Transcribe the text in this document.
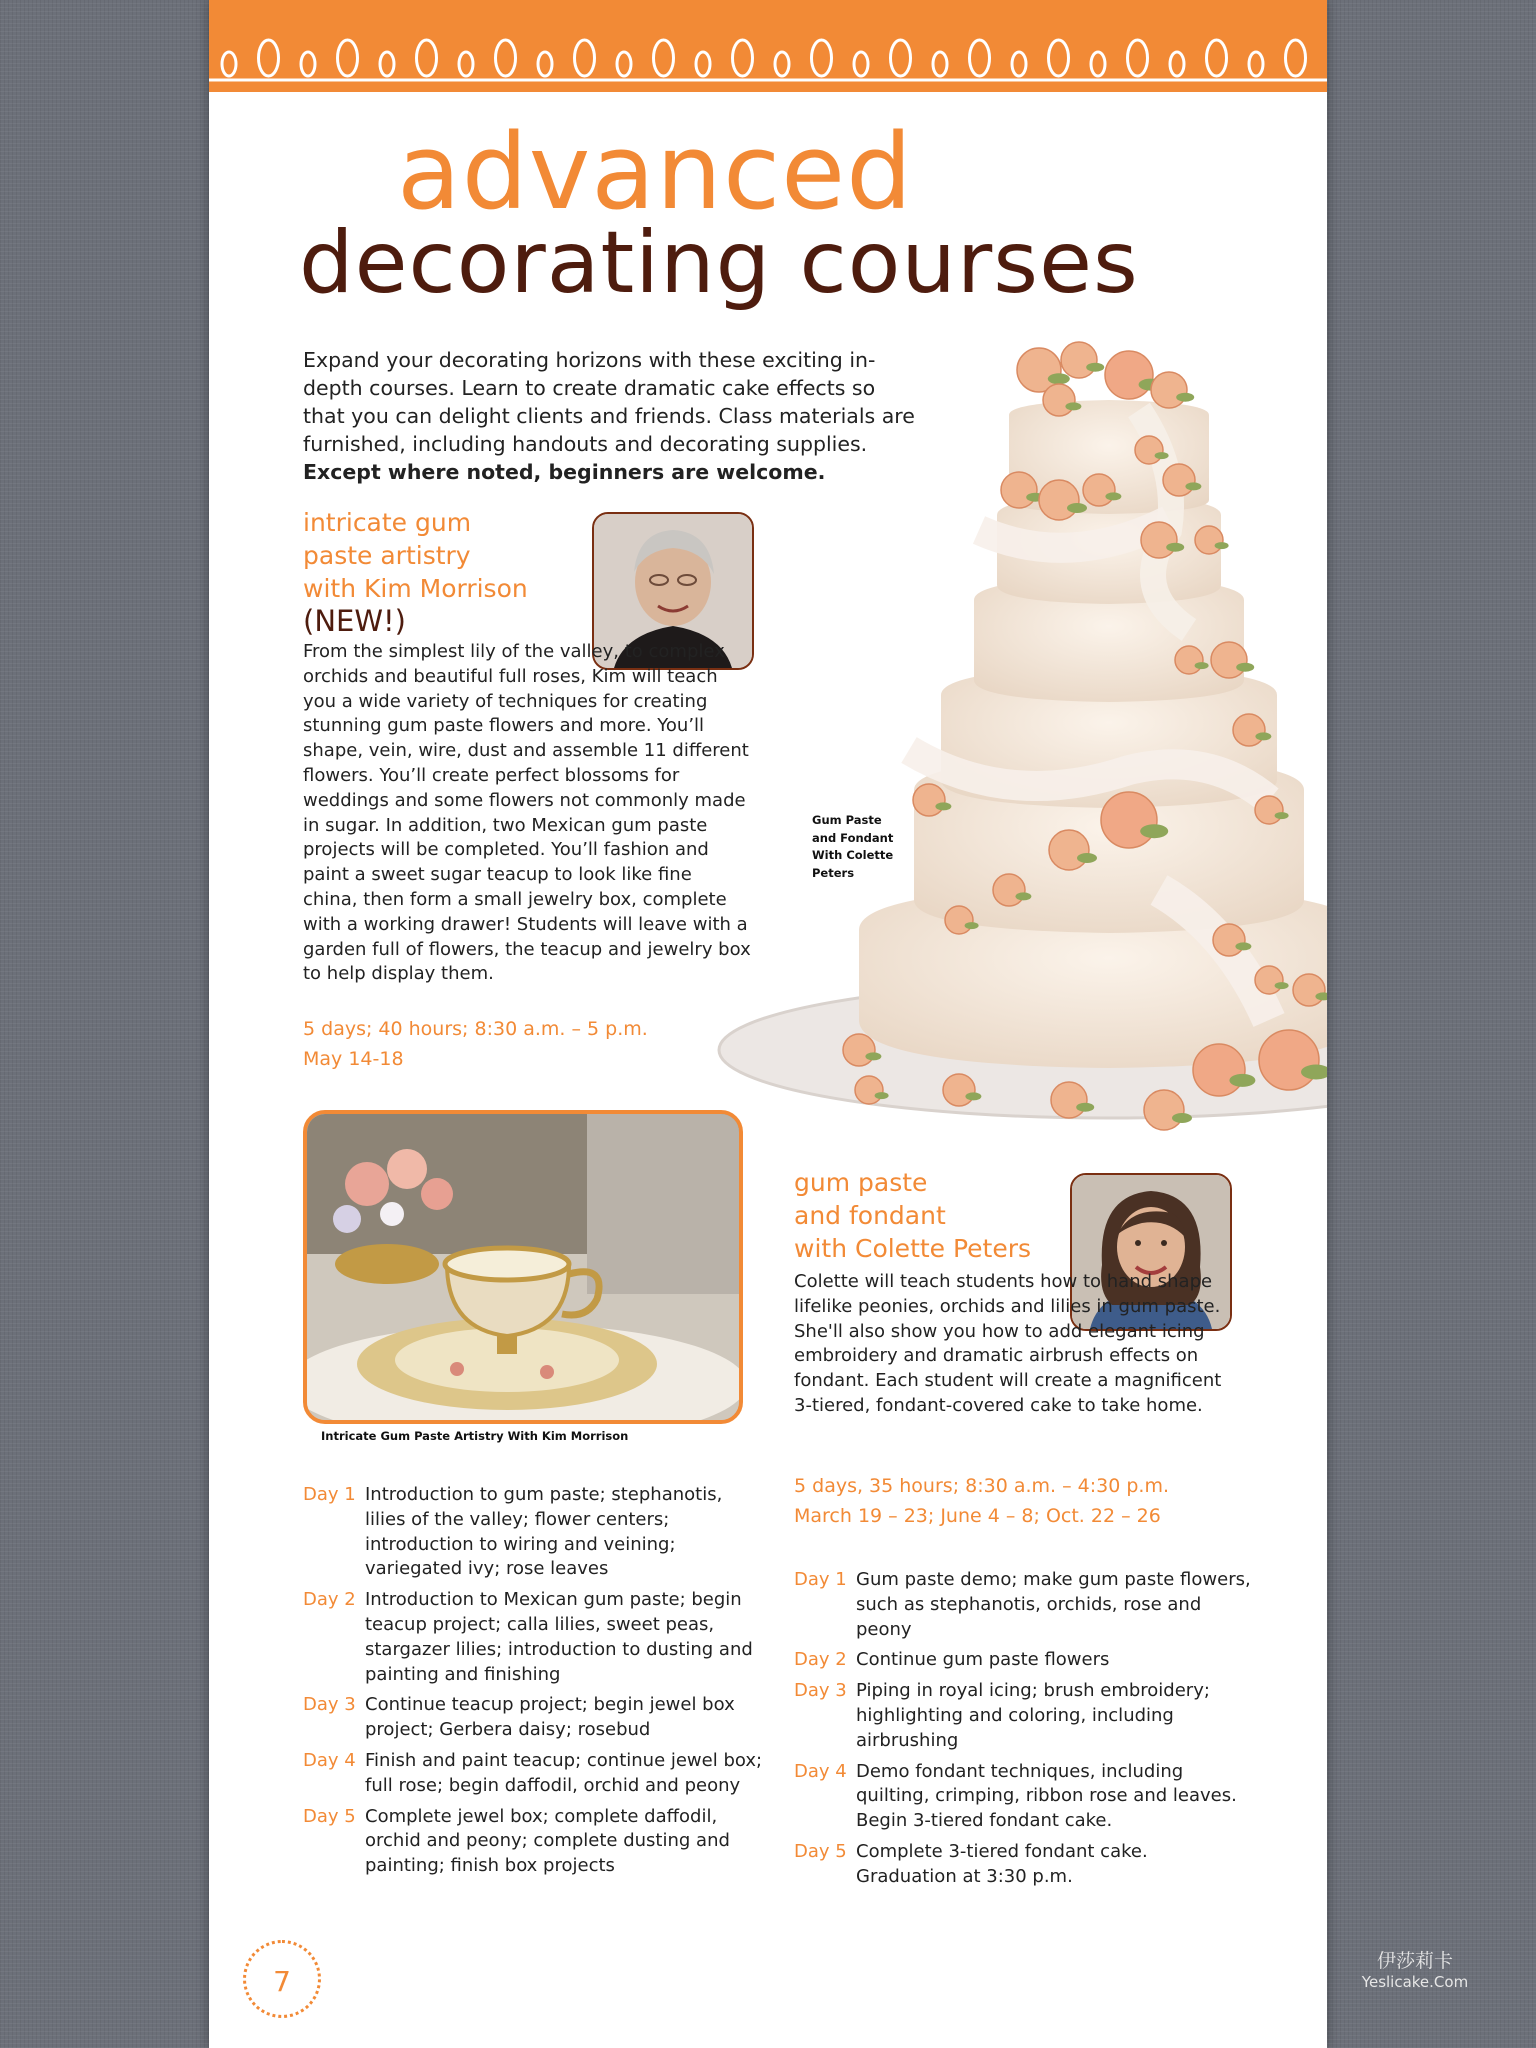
advanced
decorating courses
Expand your decorating horizons with these exciting in-depth courses. Learn to create dramatic cake effects so that you can delight clients and friends. Class materials are furnished, including handouts and decorating supplies.
Except where noted, beginners are welcome.
Gum Paste
and Fondant
With Colette
Peters
intricate gum
paste artistry
with Kim Morrison
(NEW!)
From the simplest lily of the valley, to complex orchids and beautiful full roses, Kim will teach you a wide variety of techniques for creating stunning gum paste flowers and more. You’ll shape, vein, wire, dust and assemble 11 different flowers. You’ll create perfect blossoms for weddings and some flowers not commonly made in sugar. In addition, two Mexican gum paste projects will be completed. You’ll fashion and paint a sweet sugar teacup to look like fine china, then form a small jewelry box, complete with a working drawer! Students will leave with a garden full of flowers, the teacup and jewelry box to help display them.
5 days; 40 hours; 8:30 a.m. – 5 p.m.
May 14-18
Intricate Gum Paste Artistry With Kim Morrison
Day 1 Introduction to gum paste; stephanotis, lilies of the valley; flower centers; introduction to wiring and veining; variegated ivy; rose leaves
Day 2 Introduction to Mexican gum paste; begin teacup project; calla lilies, sweet peas, stargazer lilies; introduction to dusting and painting and finishing
Day 3 Continue teacup project; begin jewel box project; Gerbera daisy; rosebud
Day 4 Finish and paint teacup; continue jewel box; full rose; begin daffodil, orchid and peony
Day 5 Complete jewel box; complete daffodil, orchid and peony; complete dusting and painting; finish box projects
gum paste
and fondant
with Colette Peters
Colette will teach students how to hand shape lifelike peonies, orchids and lilies in gum paste. She'll also show you how to add elegant icing embroidery and dramatic airbrush effects on fondant. Each student will create a magnificent 3-tiered, fondant-covered cake to take home.
5 days, 35 hours; 8:30 a.m. – 4:30 p.m.
March 19 – 23; June 4 – 8; Oct. 22 – 26
Day 1 Gum paste demo; make gum paste flowers, such as stephanotis, orchids, rose and peony
Day 2 Continue gum paste flowers
Day 3 Piping in royal icing; brush embroidery; highlighting and coloring, including airbrushing
Day 4 Demo fondant techniques, including quilting, crimping, ribbon rose and leaves. Begin 3-tiered fondant cake.
Day 5 Complete 3-tiered fondant cake. Graduation at 3:30 p.m.
7
伊莎莉卡
Yeslicake.Com
